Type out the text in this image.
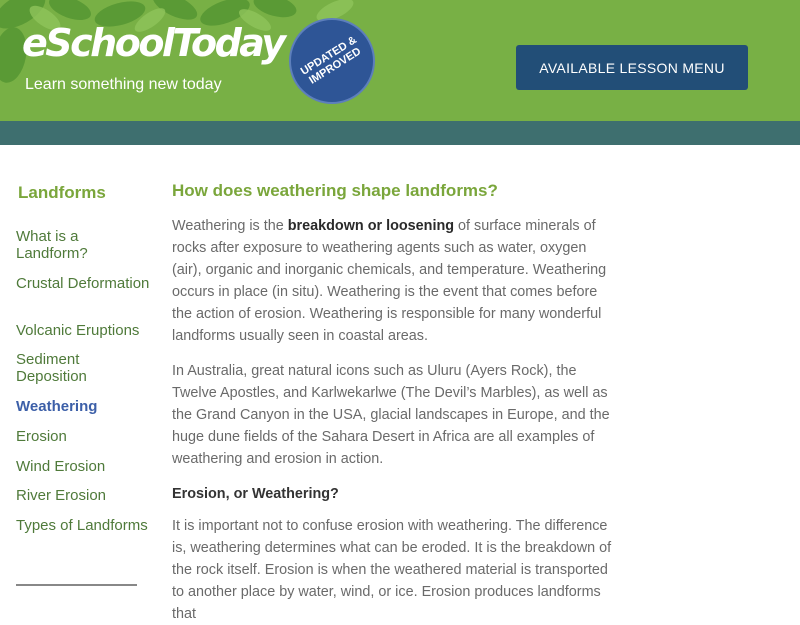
eSchoolToday
Learn something new today
UPDATED & IMPROVED	AVAILABLE LESSON MENU
Landforms
What is a Landform?
Crustal Deformation
Volcanic Eruptions
Sediment Deposition
Weathering
Erosion
Wind Erosion
River Erosion
Types of Landforms
How does weathering shape landforms?

Weathering is the breakdown or loosening of surface minerals of rocks after exposure to weathering agents such as water, oxygen (air), organic and inorganic chemicals, and temperature. Weathering occurs in place (in situ). Weathering is the event that comes before the action of erosion. Weathering is responsible for many wonderful landforms usually seen in coastal areas.

In Australia, great natural icons such as Uluru (Ayers Rock), the Twelve Apostles, and Karlwekarlwe (The Devil’s Marbles), as well as the Grand Canyon in the USA, glacial landscapes in Europe, and the huge dune fields of the Sahara Desert in Africa are all examples of weathering and erosion in action.

Erosion, or Weathering?

It is important not to confuse erosion with weathering. The difference is, weathering determines what can be eroded. It is the breakdown of the rock itself. Erosion is when the weathered material is transported to another place by water, wind, or ice. Erosion produces landforms that
